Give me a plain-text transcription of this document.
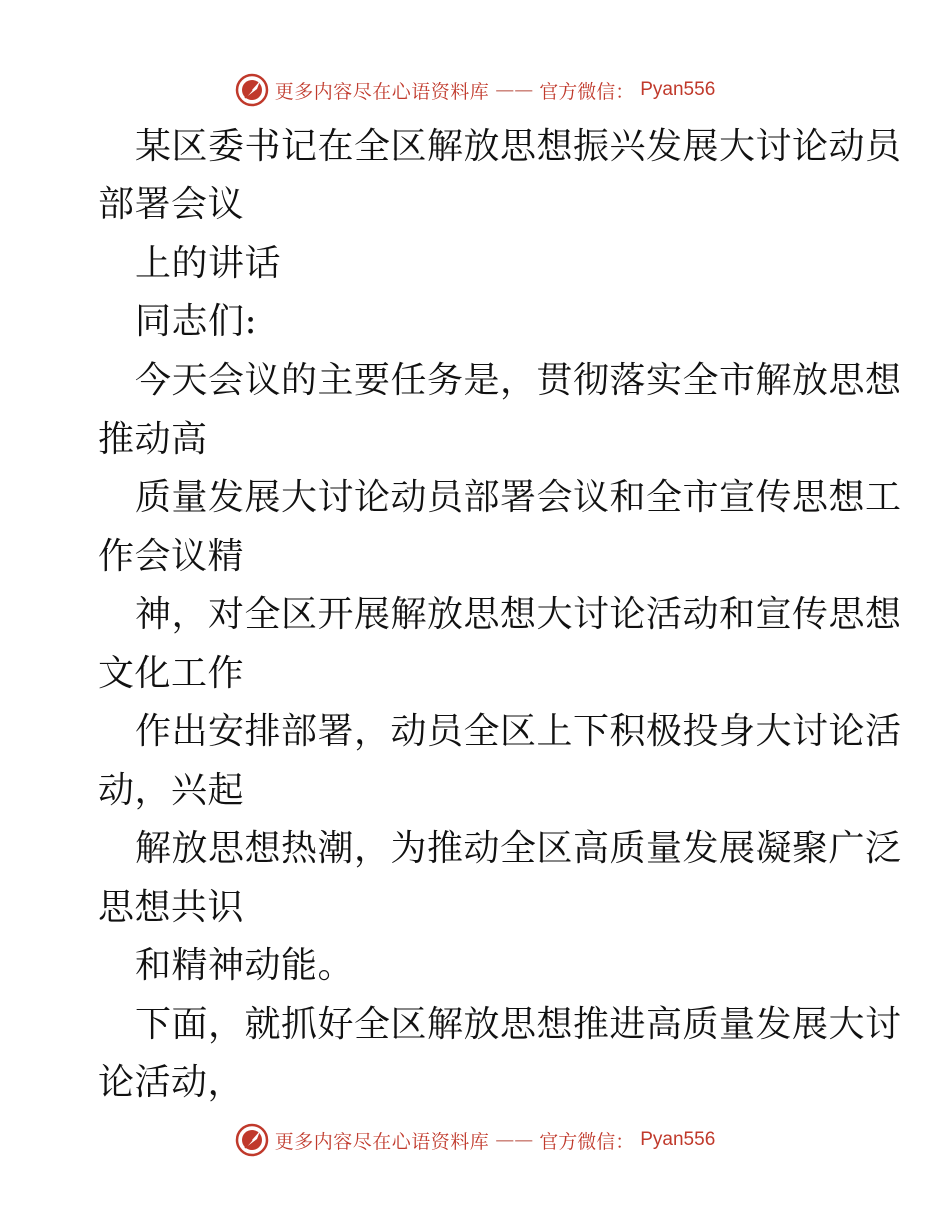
更多内容尽在心语资料库 —— 官方微信： Pyan556
某区委书记在全区解放思想振兴发展大讨论动员
部署会议
上的讲话
同志们:
今天会议的主要任务是，贯彻落实全市解放思想
推动高
质量发展大讨论动员部署会议和全市宣传思想工
作会议精
神，对全区开展解放思想大讨论活动和宣传思想
文化工作
作出安排部署，动员全区上下积极投身大讨论活
动，兴起
解放思想热潮，为推动全区高质量发展凝聚广泛
思想共识
和精神动能。
下面，就抓好全区解放思想推进高质量发展大讨
论活动，
更多内容尽在心语资料库 —— 官方微信： Pyan556
